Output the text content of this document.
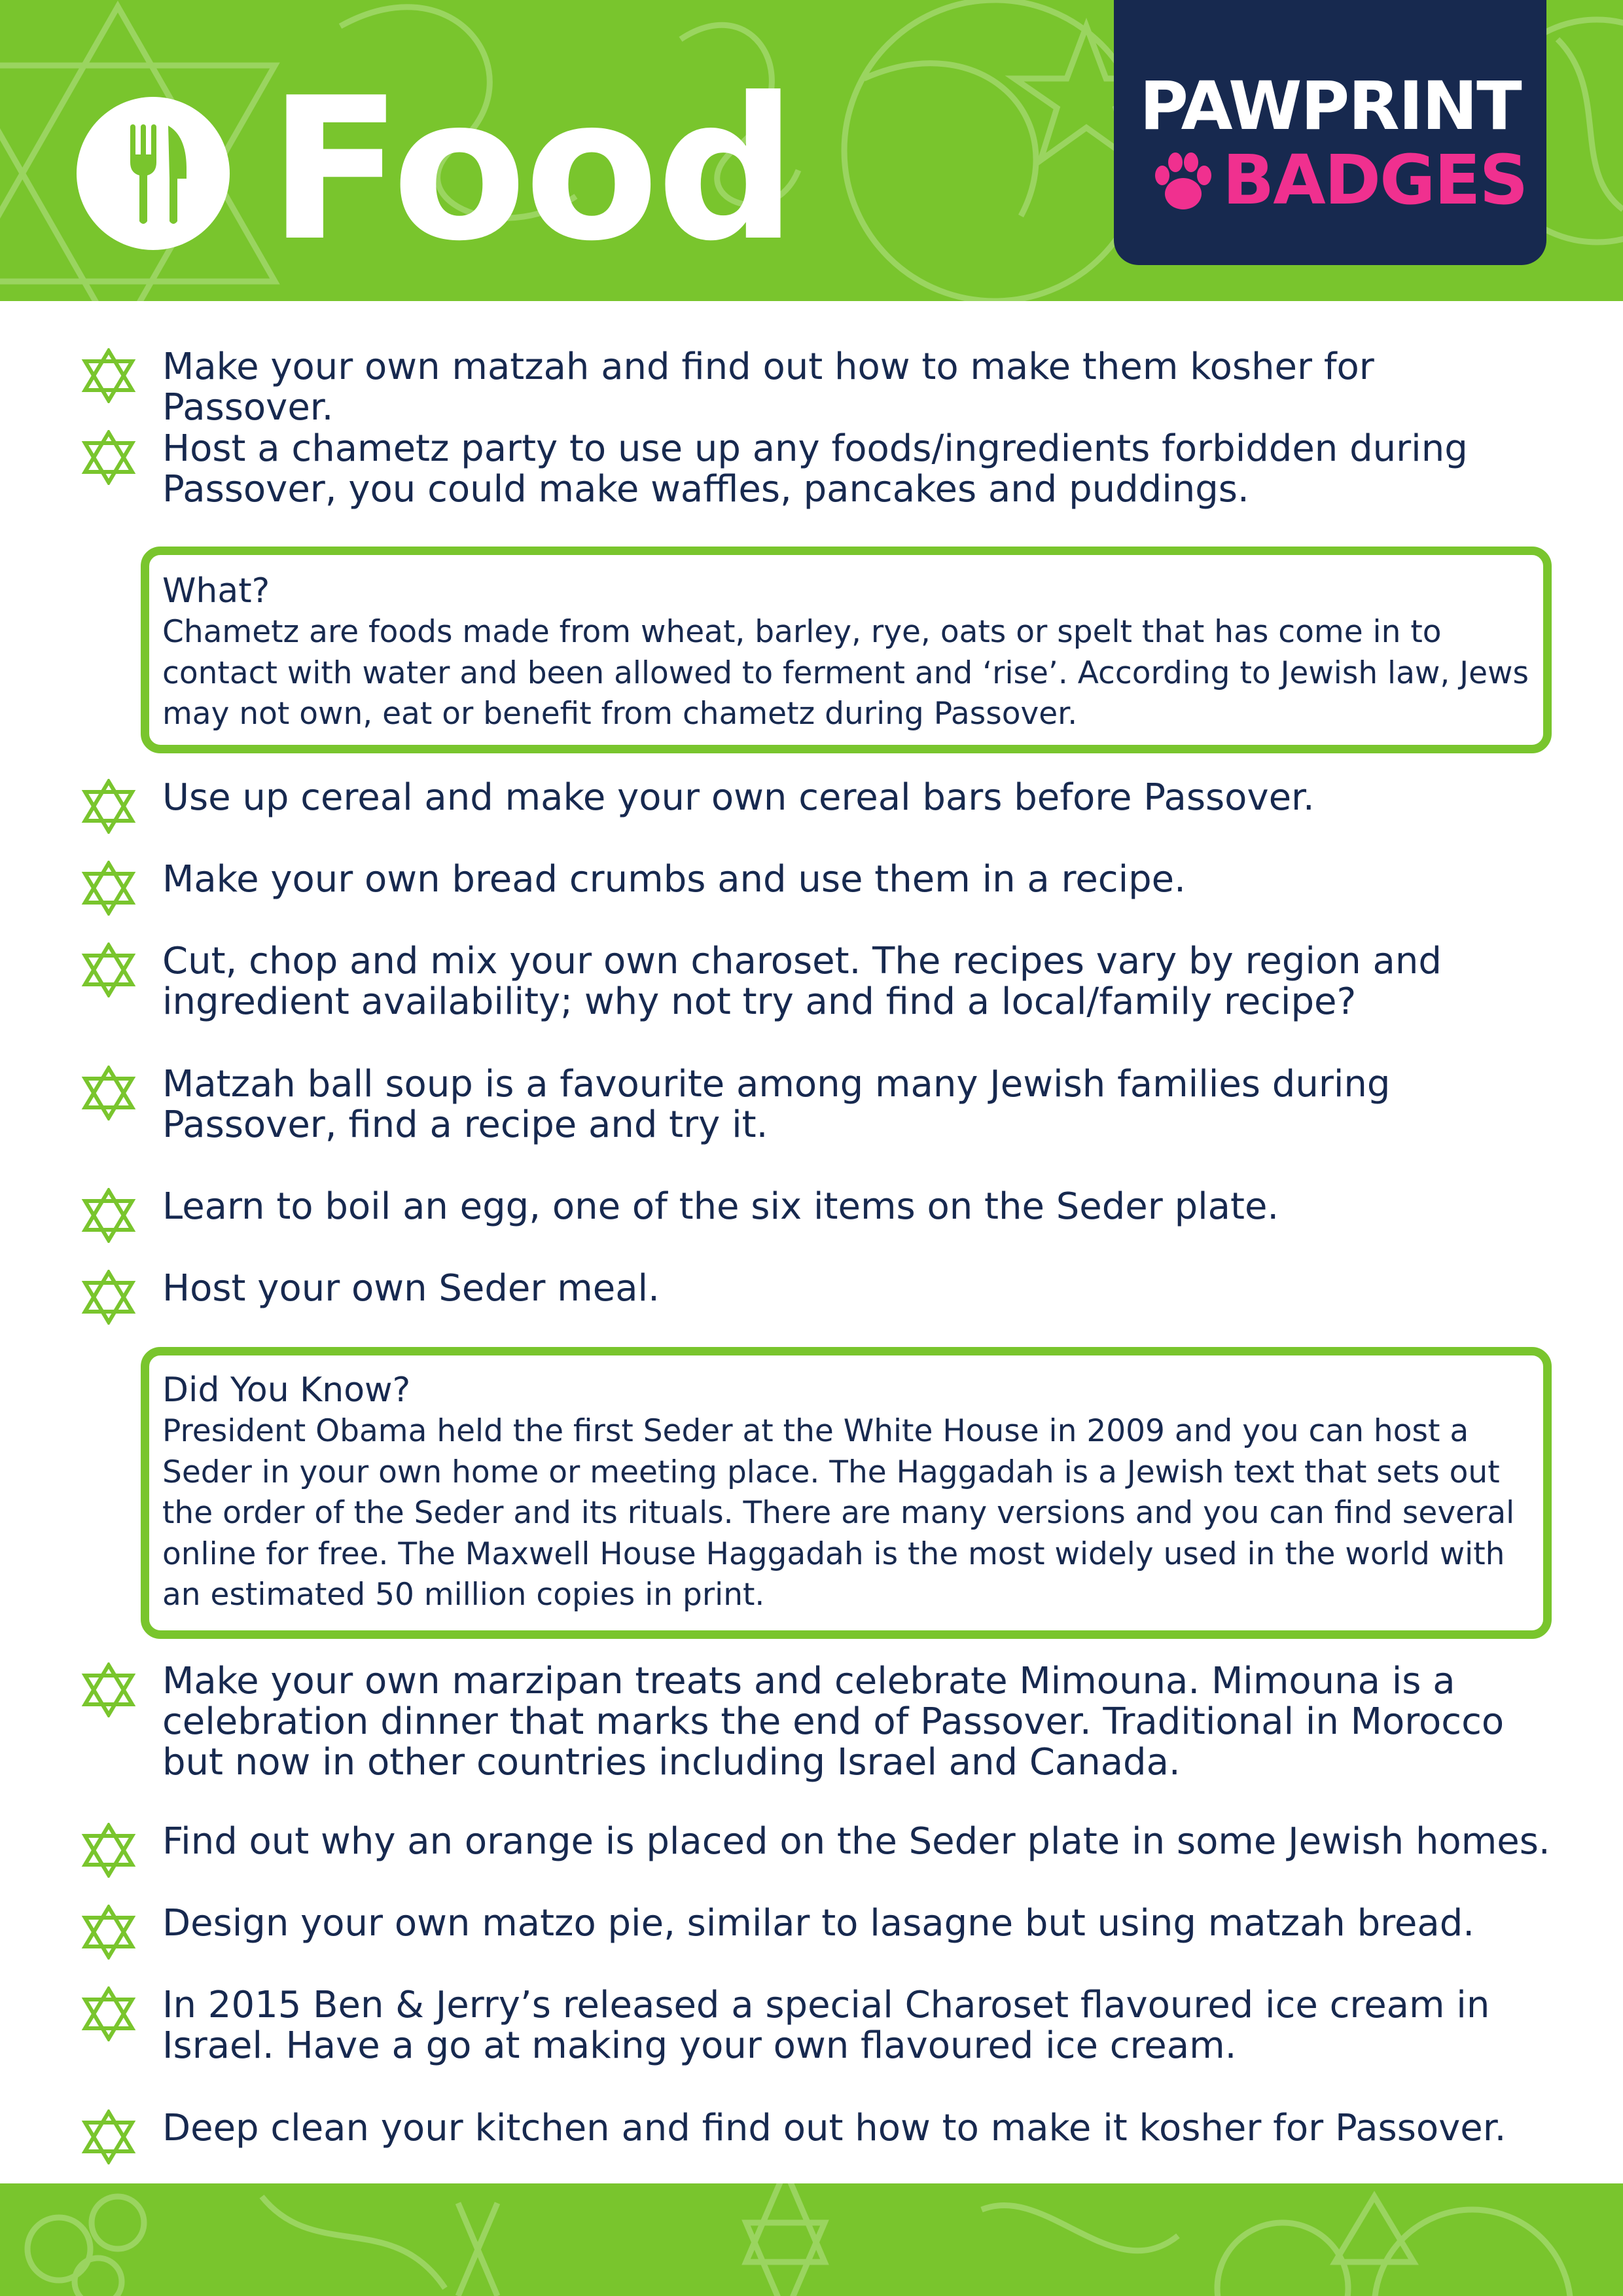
Food	PAWPRINT
BADGES

Make your own matzah and find out how to make them kosher for Passover.

Host a chametz party to use up any foods/ingredients forbidden during Passover, you could make waffles, pancakes and puddings.

What?

Chametz are foods made from wheat, barley, rye, oats or spelt that has come in to contact with water and been allowed to ferment and ‘rise’. According to Jewish law, Jews may not own, eat or benefit from chametz during Passover.

Use up cereal and make your own cereal bars before Passover.

Make your own bread crumbs and use them in a recipe.

Cut, chop and mix your own charoset. The recipes vary by region and ingredient availability; why not try and find a local/family recipe?

Matzah ball soup is a favourite among many Jewish families during Passover, find a recipe and try it.

Learn to boil an egg, one of the six items on the Seder plate.

Host your own Seder meal.

Did You Know?

President Obama held the first Seder at the White House in 2009 and you can host a Seder in your own home or meeting place. The Haggadah is a Jewish text that sets out the order of the Seder and its rituals. There are many versions and you can find several online for free. The Maxwell House Haggadah is the most widely used in the world with an estimated 50 million copies in print.

Make your own marzipan treats and celebrate Mimouna. Mimouna is a celebration dinner that marks the end of Passover. Traditional in Morocco but now in other countries including Israel and Canada.

Find out why an orange is placed on the Seder plate in some Jewish homes.

Design your own matzo pie, similar to lasagne but using matzah bread.

In 2015 Ben & Jerry’s released a special Charoset flavoured ice cream in Israel. Have a go at making your own flavoured ice cream.

Deep clean your kitchen and find out how to make it kosher for Passover.
